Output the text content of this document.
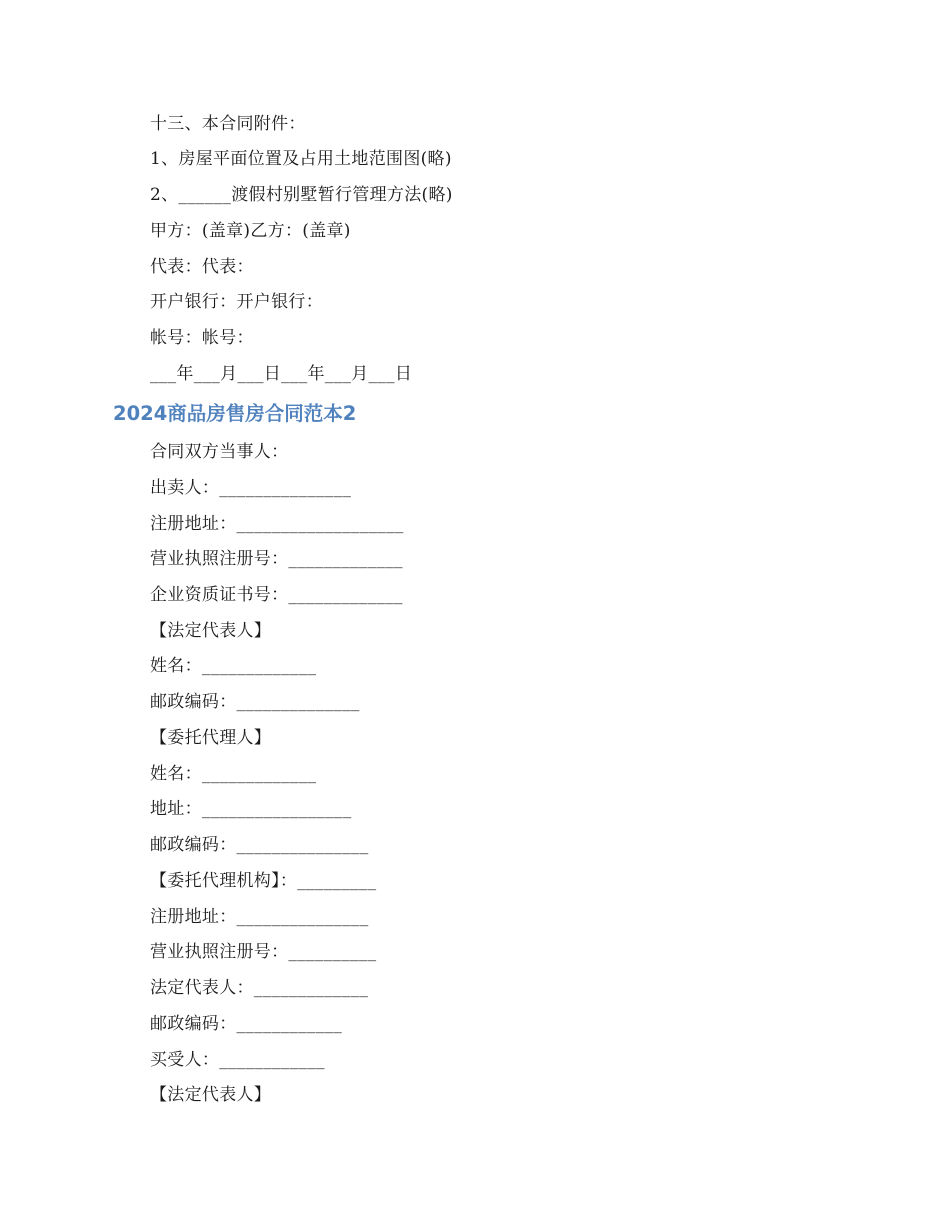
十三、本合同附件：
1、房屋平面位置及占用土地范围图(略)
2、______渡假村别墅暂行管理方法(略)
甲方：(盖章)乙方：(盖章)
代表：代表：
开户银行：开户银行：
帐号：帐号：
___年___月___日___年___月___日
2024商品房售房合同范本2
合同双方当事人：
出卖人：_______________
注册地址：___________________
营业执照注册号：_____________
企业资质证书号：_____________
【法定代表人】
姓名：_____________
邮政编码：______________
【委托代理人】
姓名：_____________
地址：_________________
邮政编码：_______________
【委托代理机构】：_________
注册地址：_______________
营业执照注册号：__________
法定代表人：_____________
邮政编码：____________
买受人：____________
【法定代表人】
